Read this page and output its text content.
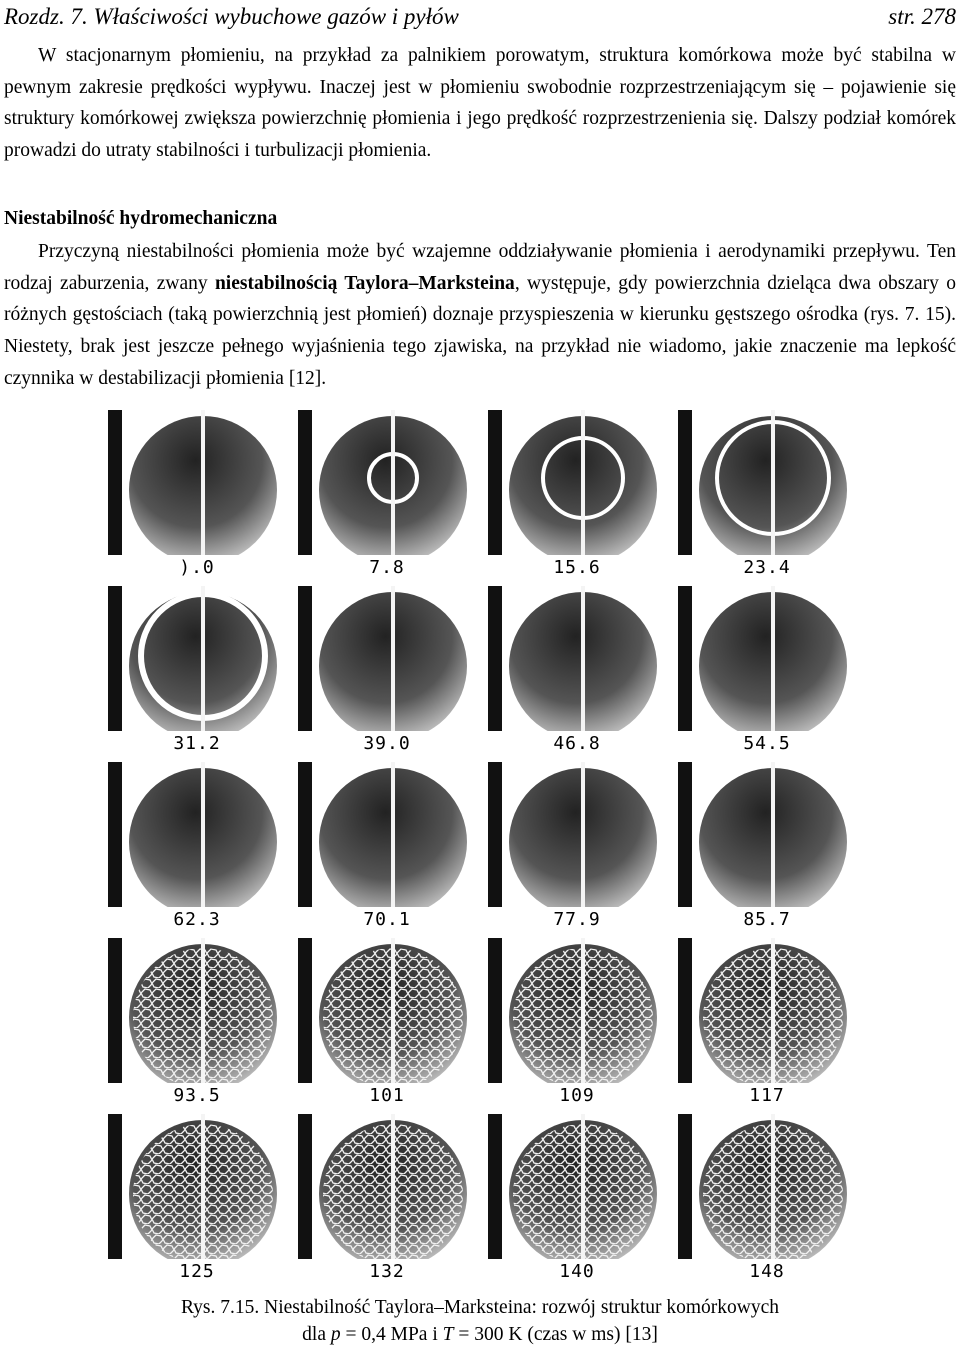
Rozdz. 7. Właściwości wybuchowe gazów i pyłów	str. 278

W stacjonarnym płomieniu, na przykład za palnikiem porowatym, struktura komórkowa może być stabilna w pewnym zakresie prędkości wypływu. Inaczej jest w płomieniu swobodnie rozprzestrzeniającym się – pojawienie się struktury komórkowej zwiększa powierzchnię płomienia i jego prędkość rozprzestrzenienia się. Dalszy podział komórek prowadzi do utraty stabilności i turbulizacji płomienia.

Niestabilność hydromechaniczna

Przyczyną niestabilności płomienia może być wzajemne oddziaływanie płomienia i aerodynamiki przepływu. Ten rodzaj zaburzenia, zwany niestabilnością Taylora–Marksteina, występuje, gdy powierzchnia dzieląca dwa obszary o różnych gęstościach (taką powierzchnią jest płomień) doznaje przyspieszenia w kierunku gęstszego ośrodka (rys. 7. 15). Niestety, brak jest jeszcze pełnego wyjaśnienia tego zjawiska, na przykład nie wiadomo, jakie znaczenie ma lepkość czynnika w destabilizacji płomienia [12].

).0	7.8	15.6	23.4
31.2	39.0	46.8	54.5
62.3	70.1	77.9	85.7
93.5	101	109	117
125	132	140	148
Rys. 7.15. Niestabilność Taylora–Marksteina: rozwój struktur komórkowych
dla p = 0,4 MPa i T = 300 K (czas w ms) [13]
